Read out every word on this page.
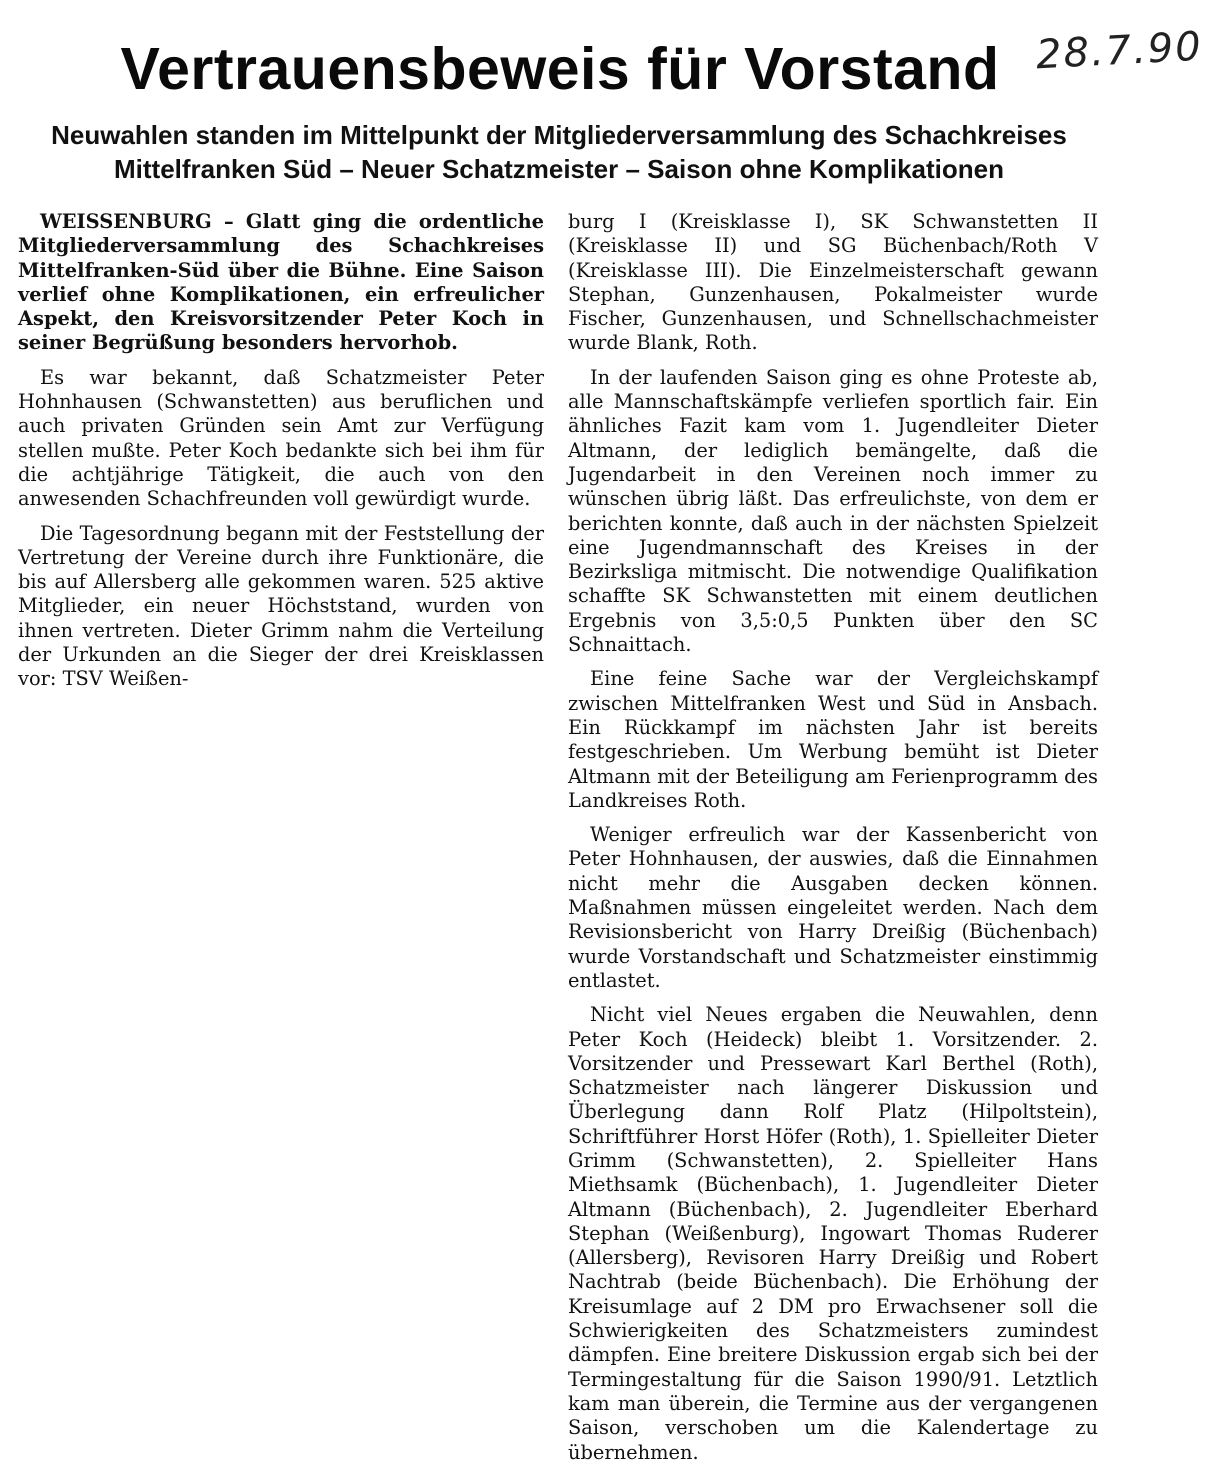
Vertrauensbeweis für Vorstand 28.7.90
Neuwahlen standen im Mittelpunkt der Mitgliederversammlung des Schachkreises Mittelfranken Süd – Neuer Schatzmeister – Saison ohne Komplikationen

WEISSENBURG – Glatt ging die ordentliche Mitgliederversammlung des Schachkreises Mittelfranken-Süd über die Bühne. Eine Saison verlief ohne Komplikationen, ein erfreulicher Aspekt, den Kreisvorsitzender Peter Koch in seiner Begrüßung besonders hervorhob.

Es war bekannt, daß Schatzmeister Peter Hohnhausen (Schwanstetten) aus beruflichen und auch privaten Gründen sein Amt zur Verfügung stellen mußte. Peter Koch bedankte sich bei ihm für die achtjährige Tätigkeit, die auch von den anwesenden Schachfreunden voll gewürdigt wurde.

Die Tagesordnung begann mit der Feststellung der Vertretung der Vereine durch ihre Funktionäre, die bis auf Allersberg alle gekommen waren. 525 aktive Mitglieder, ein neuer Höchststand, wurden von ihnen vertreten. Dieter Grimm nahm die Verteilung der Urkunden an die Sieger der drei Kreisklassen vor: TSV Weißen-

burg I (Kreisklasse I), SK Schwanstetten II (Kreisklasse II) und SG Büchenbach/Roth V (Kreisklasse III). Die Einzelmeisterschaft gewann Stephan, Gunzenhausen, Pokalmeister wurde Fischer, Gunzenhausen, und Schnellschachmeister wurde Blank, Roth.

In der laufenden Saison ging es ohne Proteste ab, alle Mannschaftskämpfe verliefen sportlich fair. Ein ähnliches Fazit kam vom 1. Jugendleiter Dieter Altmann, der lediglich bemängelte, daß die Jugendarbeit in den Vereinen noch immer zu wünschen übrig läßt. Das erfreulichste, von dem er berichten konnte, daß auch in der nächsten Spielzeit eine Jugendmannschaft des Kreises in der Bezirksliga mitmischt. Die notwendige Qualifikation schaffte SK Schwanstetten mit einem deutlichen Ergebnis von 3,5:0,5 Punkten über den SC Schnaittach.

Eine feine Sache war der Vergleichskampf zwischen Mittelfranken West und Süd in Ansbach. Ein Rückkampf im nächsten Jahr ist bereits festgeschrieben. Um Werbung bemüht ist Dieter Altmann mit der Beteiligung am Ferienprogramm des Landkreises Roth.

Weniger erfreulich war der Kassenbericht von Peter Hohnhausen, der auswies, daß die Einnahmen nicht mehr die Ausgaben decken können. Maßnahmen müssen eingeleitet werden. Nach dem Revisionsbericht von Harry Dreißig (Büchenbach) wurde Vorstandschaft und Schatzmeister einstimmig entlastet.

Nicht viel Neues ergaben die Neuwahlen, denn Peter Koch (Heideck) bleibt 1. Vorsitzender. 2. Vorsitzender und Pressewart Karl Berthel (Roth), Schatzmeister nach längerer Diskussion und Überlegung dann Rolf Platz (Hilpoltstein), Schriftführer Horst Höfer (Roth), 1. Spielleiter Dieter Grimm (Schwanstetten), 2. Spielleiter Hans Miethsamk (Büchenbach), 1. Jugendleiter Dieter Altmann (Büchenbach), 2. Jugendleiter Eberhard Stephan (Weißenburg), Ingowart Thomas Ruderer (Allersberg), Revisoren Harry Dreißig und Robert Nachtrab (beide Büchenbach). Die Erhöhung der Kreisumlage auf 2 DM pro Erwachsener soll die Schwierigkeiten des Schatzmeisters zumindest dämpfen. Eine breitere Diskussion ergab sich bei der Termingestaltung für die Saison 1990/91. Letztlich kam man überein, die Termine aus der vergangenen Saison, verschoben um die Kalendertage zu übernehmen.
